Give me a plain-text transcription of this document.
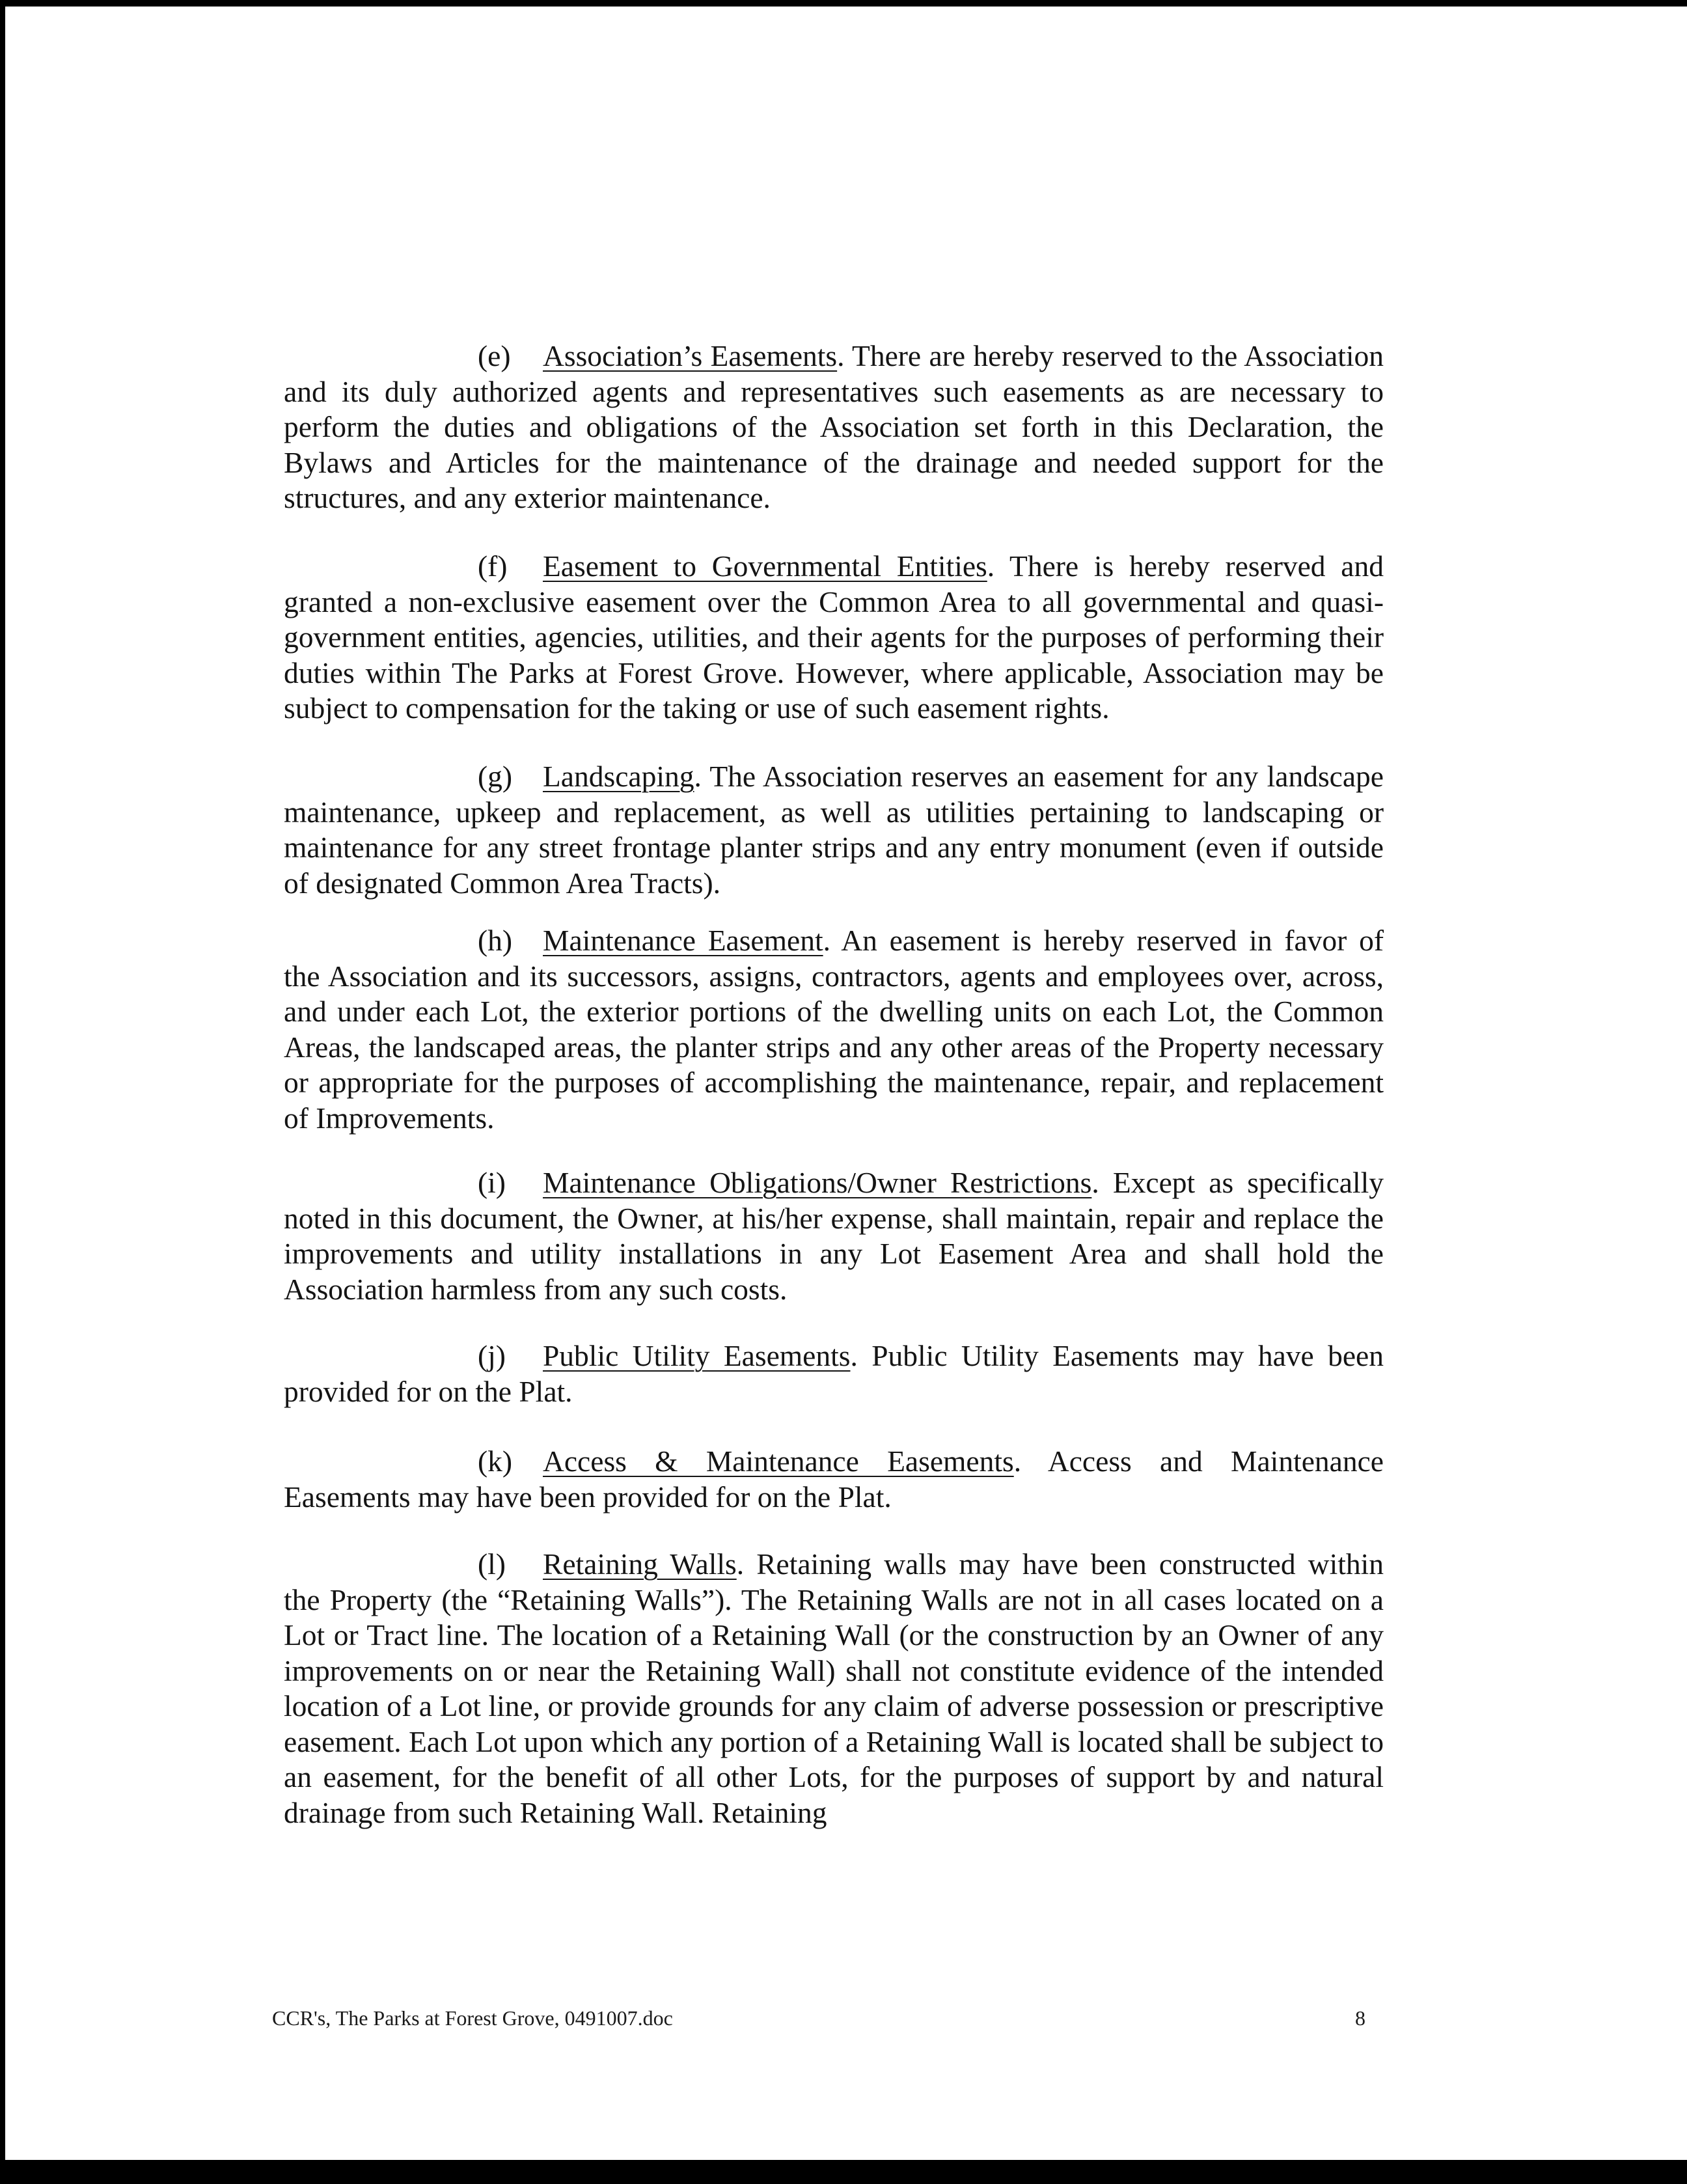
(e) Association’s Easements. There are hereby reserved to the Association and its duly authorized agents and representatives such easements as are necessary to perform the duties and obligations of the Association set forth in this Declaration, the Bylaws and Articles for the maintenance of the drainage and needed support for the structures, and any exterior maintenance.

(f) Easement to Governmental Entities. There is hereby reserved and granted a non-exclusive easement over the Common Area to all governmental and quasi-government entities, agencies, utilities, and their agents for the purposes of performing their duties within The Parks at Forest Grove. However, where applicable, Association may be subject to compensation for the taking or use of such easement rights.

(g) Landscaping. The Association reserves an easement for any landscape maintenance, upkeep and replacement, as well as utilities pertaining to landscaping or maintenance for any street frontage planter strips and any entry monument (even if outside of designated Common Area Tracts).

(h) Maintenance Easement. An easement is hereby reserved in favor of the Association and its successors, assigns, contractors, agents and employees over, across, and under each Lot, the exterior portions of the dwelling units on each Lot, the Common Areas, the landscaped areas, the planter strips and any other areas of the Property necessary or appropriate for the purposes of accomplishing the maintenance, repair, and replacement of Improvements.

(i) Maintenance Obligations/Owner Restrictions. Except as specifically noted in this document, the Owner, at his/her expense, shall maintain, repair and replace the improvements and utility installations in any Lot Easement Area and shall hold the Association harmless from any such costs.

(j) Public Utility Easements. Public Utility Easements may have been provided for on the Plat.

(k) Access & Maintenance Easements. Access and Maintenance Easements may have been provided for on the Plat.

(l) Retaining Walls. Retaining walls may have been constructed within the Property (the “Retaining Walls”). The Retaining Walls are not in all cases located on a Lot or Tract line. The location of a Retaining Wall (or the construction by an Owner of any improvements on or near the Retaining Wall) shall not constitute evidence of the intended location of a Lot line, or provide grounds for any claim of adverse possession or prescriptive easement. Each Lot upon which any portion of a Retaining Wall is located shall be subject to an easement, for the benefit of all other Lots, for the purposes of support by and natural drainage from such Retaining Wall. Retaining

CCR's, The Parks at Forest Grove, 0491007.doc	8
